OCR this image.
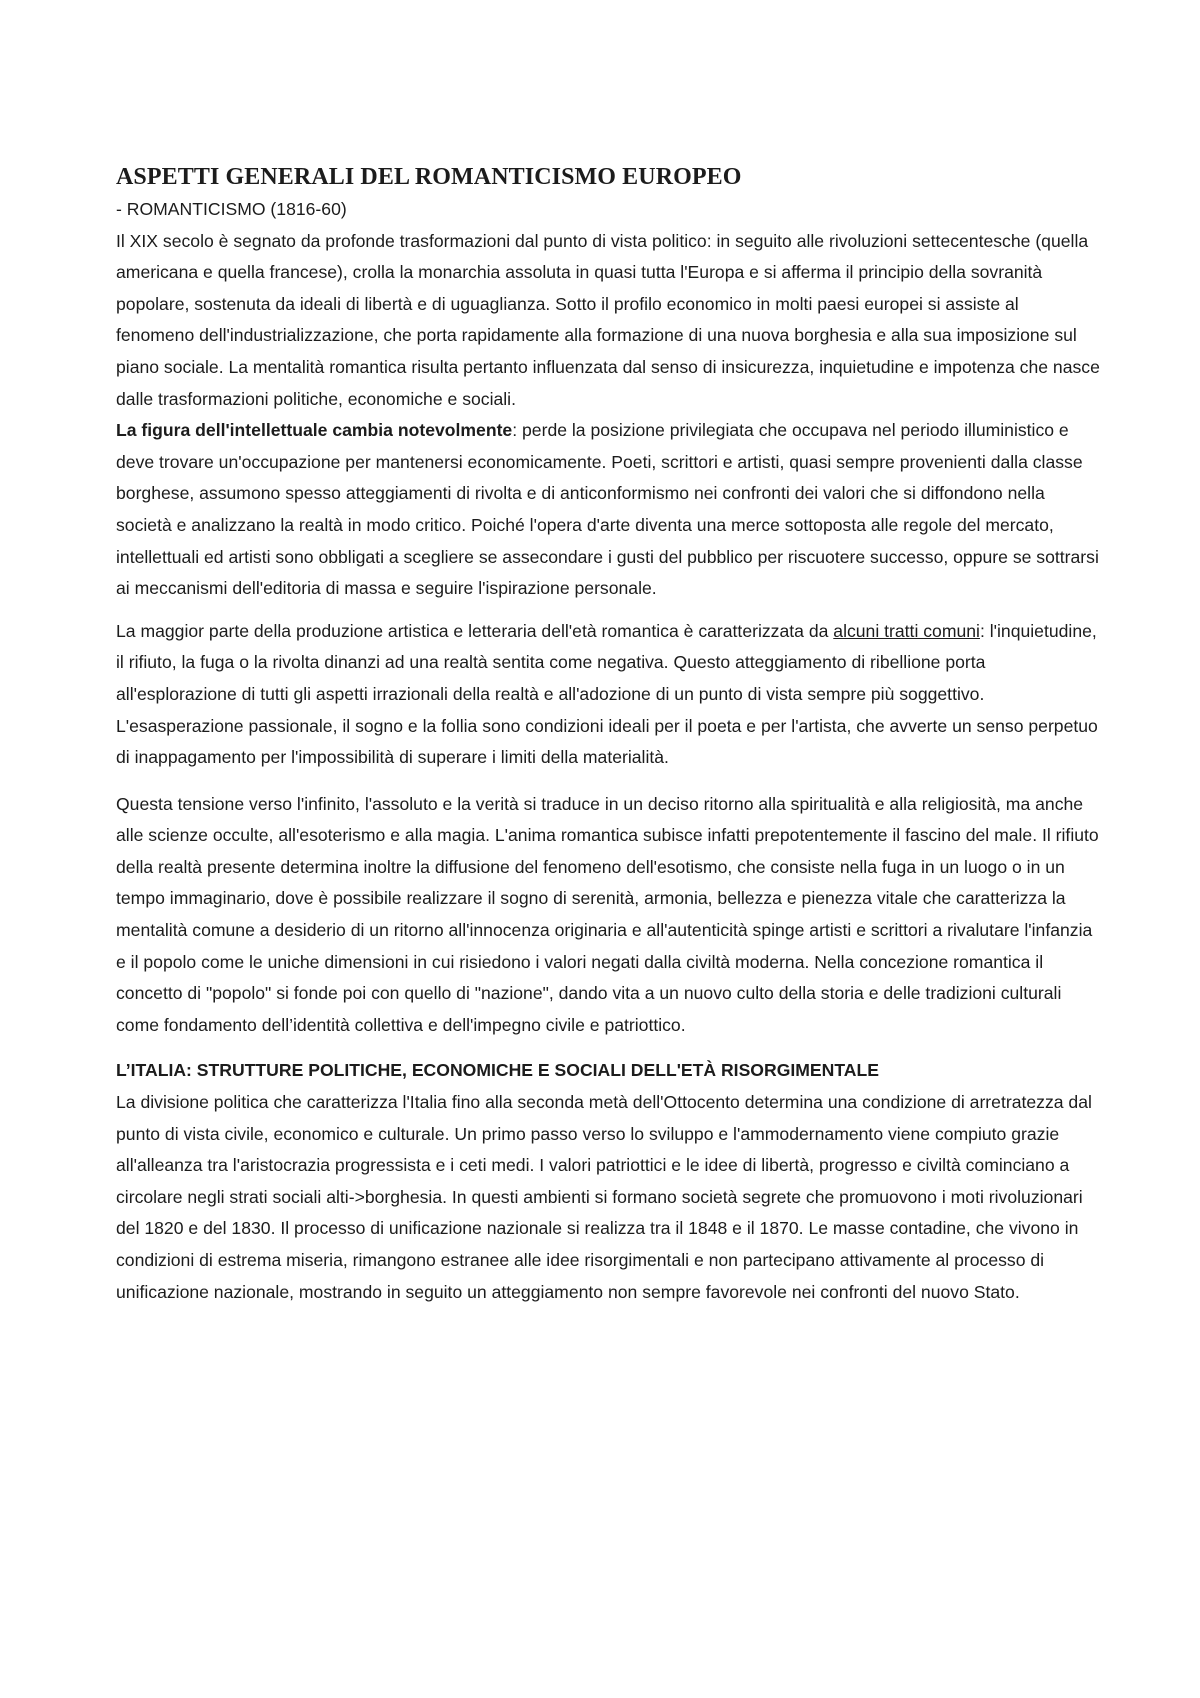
ASPETTI GENERALI DEL ROMANTICISMO EUROPEO

- ROMANTICISMO (1816-60)

Il XIX secolo è segnato da profonde trasformazioni dal punto di vista politico: in seguito alle rivoluzioni settecentesche (quella americana e quella francese), crolla la monarchia assoluta in quasi tutta l'Europa e si afferma il principio della sovranità popolare, sostenuta da ideali di libertà e di uguaglianza. Sotto il profilo economico in molti paesi europei si assiste al fenomeno dell'industrializzazione, che porta rapidamente alla formazione di una nuova borghesia e alla sua imposizione sul piano sociale. La mentalità romantica risulta pertanto influenzata dal senso di insicurezza, inquietudine e impotenza che nasce dalle trasformazioni politiche, economiche e sociali.

La figura dell'intellettuale cambia notevolmente: perde la posizione privilegiata che occupava nel periodo illuministico e deve trovare un'occupazione per mantenersi economicamente. Poeti, scrittori e artisti, quasi sempre provenienti dalla classe borghese, assumono spesso atteggiamenti di rivolta e di anticonformismo nei confronti dei valori che si diffondono nella società e analizzano la realtà in modo critico. Poiché l'opera d'arte diventa una merce sottoposta alle regole del mercato, intellettuali ed artisti sono obbligati a scegliere se assecondare i gusti del pubblico per riscuotere successo, oppure se sottrarsi ai meccanismi dell'editoria di massa e seguire l'ispirazione personale.

La maggior parte della produzione artistica e letteraria dell'età romantica è caratterizzata da alcuni tratti comuni: l'inquietudine, il rifiuto, la fuga o la rivolta dinanzi ad una realtà sentita come negativa. Questo atteggiamento di ribellione porta all'esplorazione di tutti gli aspetti irrazionali della realtà e all'adozione di un punto di vista sempre più soggettivo. L'esasperazione passionale, il sogno e la follia sono condizioni ideali per il poeta e per l'artista, che avverte un senso perpetuo di inappagamento per l'impossibilità di superare i limiti della materialità.

Questa tensione verso l'infinito, l'assoluto e la verità si traduce in un deciso ritorno alla spiritualità e alla religiosità, ma anche alle scienze occulte, all'esoterismo e alla magia. L'anima romantica subisce infatti prepotentemente il fascino del male. Il rifiuto della realtà presente determina inoltre la diffusione del fenomeno dell'esotismo, che consiste nella fuga in un luogo o in un tempo immaginario, dove è possibile realizzare il sogno di serenità, armonia, bellezza e pienezza vitale che caratterizza la mentalità comune a desiderio di un ritorno all'innocenza originaria e all'autenticità spinge artisti e scrittori a rivalutare l'infanzia e il popolo come le uniche dimensioni in cui risiedono i valori negati dalla civiltà moderna. Nella concezione romantica il concetto di "popolo" si fonde poi con quello di "nazione", dando vita a un nuovo culto della storia e delle tradizioni culturali come fondamento dell’identità collettiva e dell'impegno civile e patriottico.

L’ITALIA: STRUTTURE POLITICHE, ECONOMICHE E SOCIALI DELL'ETÀ RISORGIMENTALE

La divisione politica che caratterizza l'Italia fino alla seconda metà dell'Ottocento determina una condizione di arretratezza dal punto di vista civile, economico e culturale. Un primo passo verso lo sviluppo e l'ammodernamento viene compiuto grazie all'alleanza tra l'aristocrazia progressista e i ceti medi. I valori patriottici e le idee di libertà, progresso e civiltà cominciano a circolare negli strati sociali alti->borghesia. In questi ambienti si formano società segrete che promuovono i moti rivoluzionari del 1820 e del 1830. Il processo di unificazione nazionale si realizza tra il 1848 e il 1870. Le masse contadine, che vivono in condizioni di estrema miseria, rimangono estranee alle idee risorgimentali e non partecipano attivamente al processo di unificazione nazionale, mostrando in seguito un atteggiamento non sempre favorevole nei confronti del nuovo Stato.
